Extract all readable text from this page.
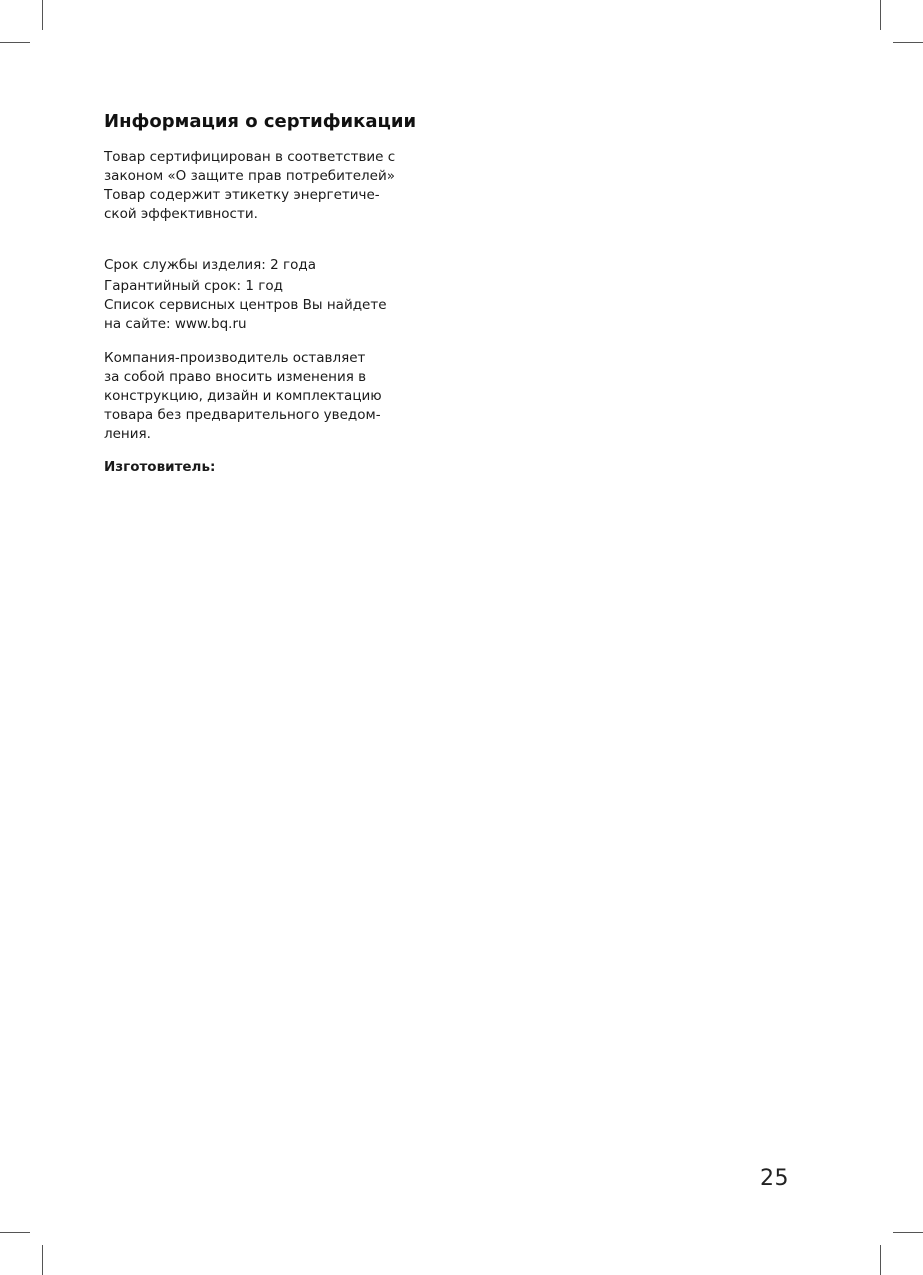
Информация о сертификации

Товар сертифицирован в соответствие с
законом «О защите прав потребителей»
Товар содержит этикетку энергетиче-
ской эффективности.

Срок службы изделия: 2 года
Гарантийный срок: 1 год
Список сервисных центров Вы найдете
на сайте: www.bq.ru

Компания-производитель оставляет
за собой право вносить изменения в
конструкцию, дизайн и комплектацию
товара без предварительного уведом-
ления.

Изготовитель:
25
